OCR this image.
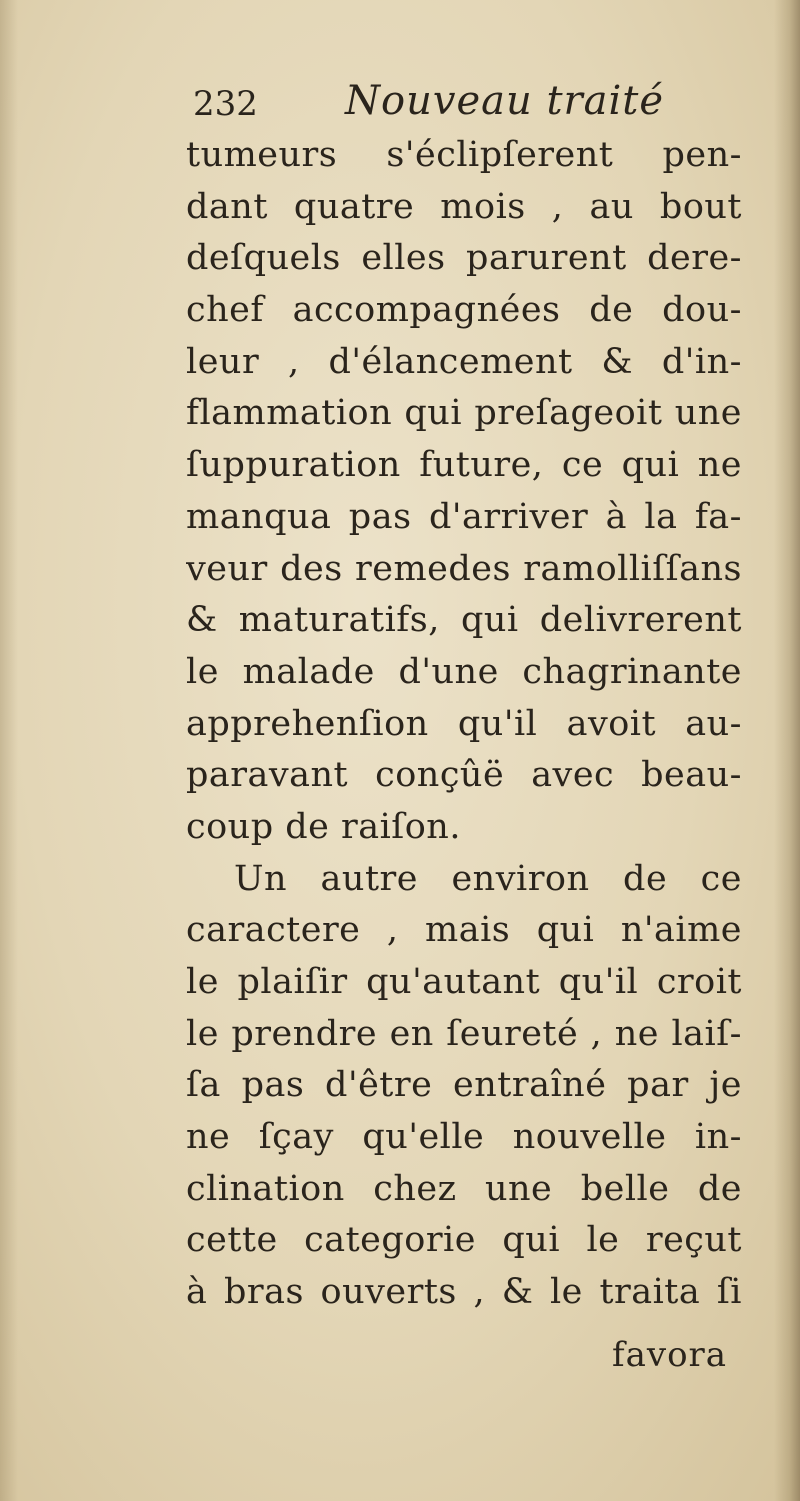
232 Nouveau traité
tumeurs s'éclipſerent pen-
dant quatre mois , au bout
deſquels elles parurent dere-
chef accompagnées de dou-
leur , d'élancement & d'in-
flammation qui preſageoit une
ſuppuration future, ce qui ne
manqua pas d'arriver à la fa-
veur des remedes ramolliſſans
& maturatifs, qui delivrerent
le malade d'une chagrinante
apprehenſion qu'il avoit au-
paravant conçûë avec beau-
coup de raiſon.
Un autre environ de ce
caractere , mais qui n'aime
le plaiſir qu'autant qu'il croit
le prendre en ſeureté , ne laiſ-
ſa pas d'être entraîné par je
ne ſçay qu'elle nouvelle in-
clination chez une belle de
cette categorie qui le reçut
à bras ouverts , & le traita ſi
favora
